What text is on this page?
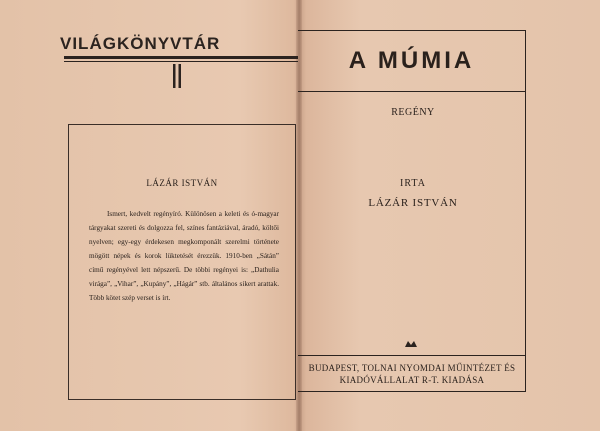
VILÁGKÖNYVTÁR
LÁZÁR ISTVÁN
Ismert, kedvelt regényíró. Különösen a keleti és ó-magyar tárgyakat szereti és dolgozza fel, színes fantáziával, áradó, költői nyelven; egy-egy érdekesen megkomponált szerelmi története mögött népek és korok lüktetését érezzük. 1910-ben „Sátán” című regényével lett népszerű. De többi regényei is: „Dathulia virága”, „Vihar”, „Kupány”, „Hágár” stb. általános sikert arattak. Több kötet szép verset is írt.
A MÚMIA
REGÉNY
IRTA
LÁZÁR ISTVÁN
BUDAPEST, TOLNAI NYOMDAI MŰINTÉZET ÉS KIADÓVÁLLALAT R-T. KIADÁSA
